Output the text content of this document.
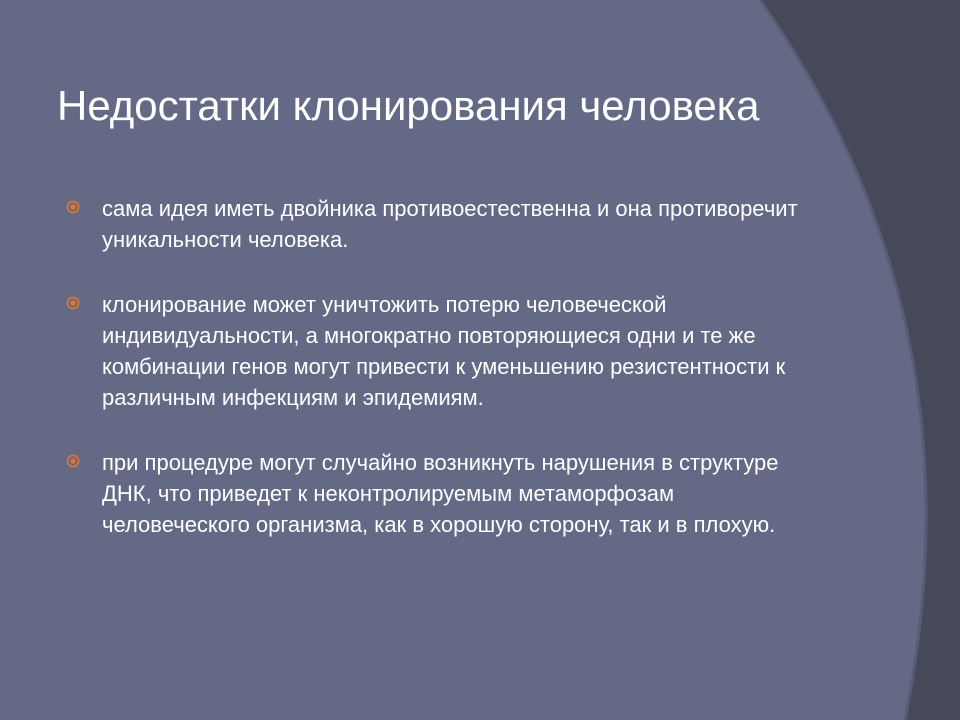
Недостатки клонирования человека
сама идея иметь двойника противоестественна и она противоречит уникальности человека.
клонирование может уничтожить потерю человеческой индивидуальности, а многократно повторяющиеся одни и те же комбинации генов могут привести к уменьшению резистентности к различным инфекциям и эпидемиям.
при процедуре могут случайно возникнуть нарушения в структуре ДНК, что приведет к неконтролируемым метаморфозам человеческого организма, как в хорошую сторону, так и в плохую.
